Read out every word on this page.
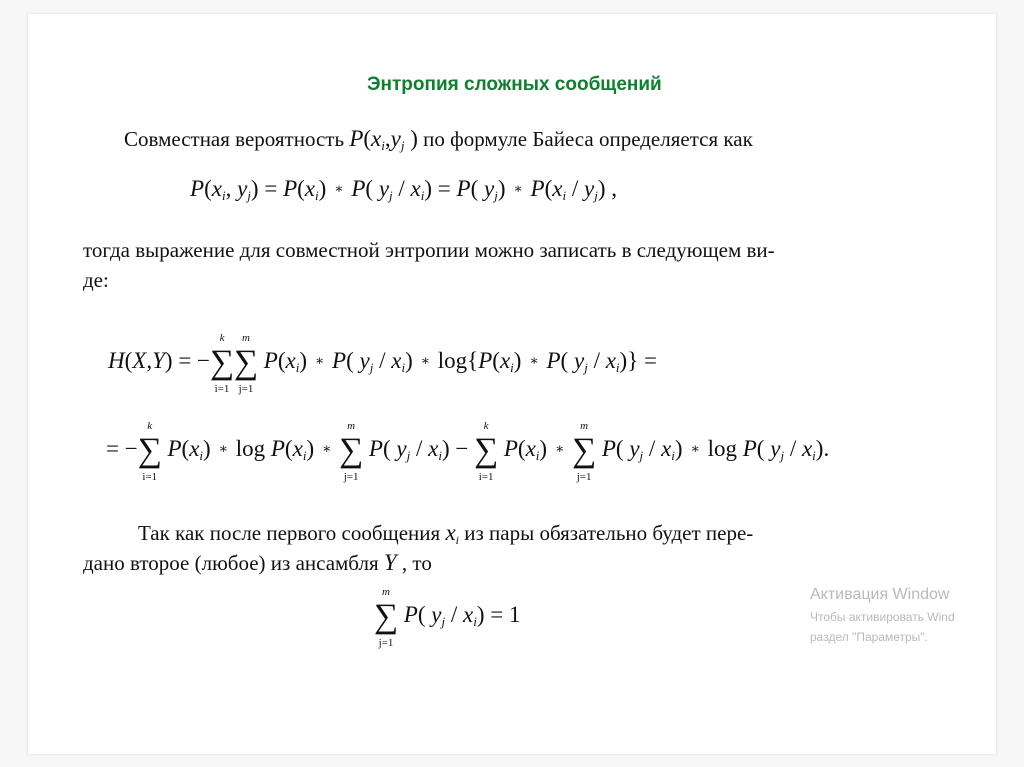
Энтропия сложных сообщений
Совместная вероятность $P(x_i,y_j$ ) по формуле Байеса определяется как
$P(x_i$, $y_j) = P(x_i)$ ∗ P( $y_j / x_i) = P$( $y_j$) ∗ $P(x_i / y_j)$ ,
тогда выражение для совместной энтропии можно записать в следующем ви-
де:
H(X,Y) = −
k
∑
i=1
m
∑
j=1
$P(x_i)$ ∗ P( $y_j / x_i$) ∗ $\log\{P(x_i)$ ∗ P( $y_j / x_i$)} =
= −
k
∑
i=1
$P(x_i)$ ∗ $\log P(x_i)$ ∗
m
∑
j=1
P( $y_j / x_i$) −
k
∑
i=1
$P(x_i)$ ∗
m
∑
j=1
P( $y_j / x_i$) ∗ log P( $y_j / x_i$).
Так как после первого сообщения $x_i$ из пары обязательно будет пере-
дано второе (любое) из ансамбля Y , то
m
∑
j=1
P( $y_j / x_i) = 1$
Активация Window
Чтобы активировать Wind
раздел "Параметры".
